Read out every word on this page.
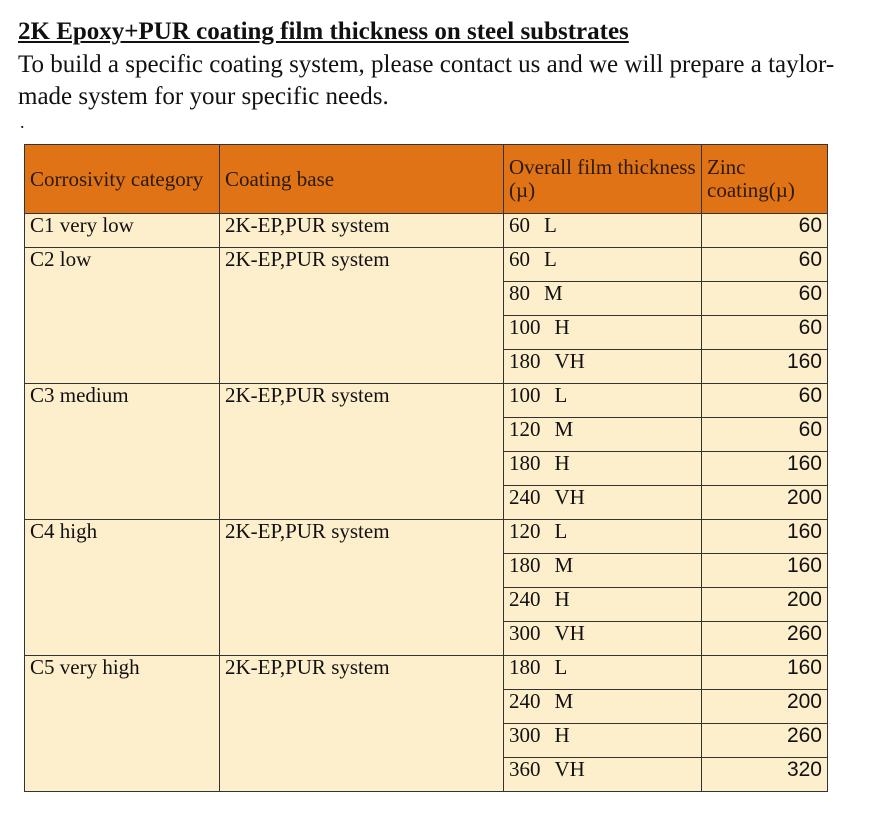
2K Epoxy+PUR coating film thickness on steel substrates
To build a specific coating system, please contact us and we will prepare a taylor- made system for your specific needs.
.
Corrosivity category	Coating base	Overall film thickness (µ)	Zinc coating(µ)
C1 very low	2K-EP,PUR system	60 L	60
C2 low	2K-EP,PUR system	60 L	60
		80 M	60
		100 H	60
		180 VH	160
C3 medium	2K-EP,PUR system	100 L	60
		120 M	60
		180 H	160
		240 VH	200
C4 high	2K-EP,PUR system	120 L	160
		180 M	160
		240 H	200
		300 VH	260
C5 very high	2K-EP,PUR system	180 L	160
		240 M	200
		300 H	260
		360 VH	320
